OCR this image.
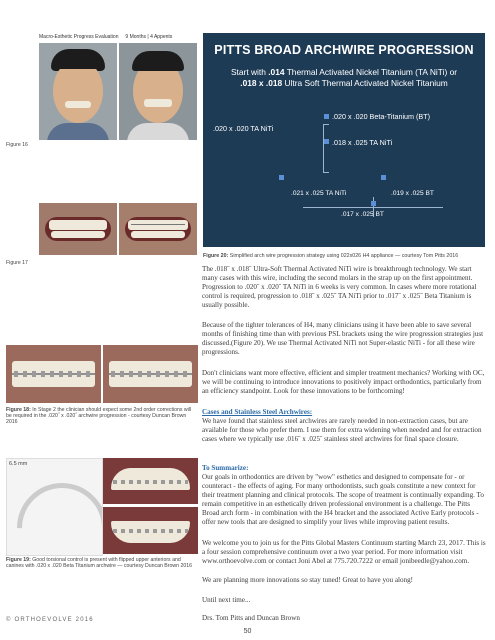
Macro-Esthetic Progress Evaluation     9 Months | 4 Appents
Figure 16
Figure 17
Figure 18: In Stage 2 the clinician should expect some 2nd order corrections will be required in the .020˝ x .020˝ archwire progression - courtesy Duncan Brown 2016
6.5 mm
Figure 19: Good torsional control is present with flipped upper anteriors and canines with .020 x .020 Beta Titanium archwire — courtesy Duncan Brown 2016
PITTS BROAD ARCHWIRE PROGRESSION
Start with .014 Thermal Activated Nickel Titanium (TA NiTi) or
.018 x .018 Ultra Soft Thermal Activated Nickel Titanium
.020 x .020 TA NiTi
.020 x .020 Beta-Titanium (BT)
.018 x .025 TA NiTi
.021 x .025 TA NiTi	.019 x .025 BT
.017 x .025 BT
Figure 20: Simplified arch wire progression strategy using 022x026 H4 appliance — courtesy Tom Pitts 2016
The .018˝ x .018˝ Ultra-Soft Thermal Activated NiTi wire is breakthrough technology. We start many cases with this wire, including the second molars in the strap up on the first appointment. Progression to .020˝ x .020˝ TA NiTi in 6 weeks is very common. In cases where more rotational control is required, progression to .018˝ x .025˝ TA NiTi prior to .017˝ x .025˝ Beta Titanium is usually possible.
Because of the tighter tolerances of H4, many clinicians using it have been able to save several months of finishing time than with previous PSL brackets using the wire progression strategies just discussed.(Figure 20). We use Thermal Activated NiTi not Super-elastic NiTi - for all these wire progressions.
Don't clinicians want more effective, efficient and simpler treatment mechanics? Working with OC, we will be continuing to introduce innovations to positively impact orthodontics, particularly from an efficiency standpoint. Look for these innovations to be forthcoming!
Cases and Stainless Steel Archwires:
We have found that stainless steel archwires are rarely needed in non-extraction cases, but are available for those who prefer them. I use them for extra widening when needed and for extraction cases where we typically use .016˝ x .025˝ stainless steel archwires for final space closure.
To Summarize:
Our goals in orthodontics are driven by "wow" esthetics and designed to compensate for - or counteract - the effects of aging. For many orthodontists, such goals constitute a new context for their treatment planning and clinical protocols. The scope of treatment is continually expanding. To remain competitive in an esthetically driven professional environment is a challenge. The Pitts Broad arch form - in combination with the H4 bracket and the associated Active Early protocols - offer new tools that are designed to simplify your lives while improving patient results.
We welcome you to join us for the Pitts Global Masters Continuum starting March 23, 2017. This is a four session comprehensive continuum over a two year period. For more information visit www.orthoevolve.com or contact Joni Abel at 775.720.7222 or email jonibeedle@yahoo.com.
We are planning more innovations so stay tuned! Great to have you along!
Until next time...
Drs. Tom Pitts and Duncan Brown
© ORTHOEVOLVE 2016
50
